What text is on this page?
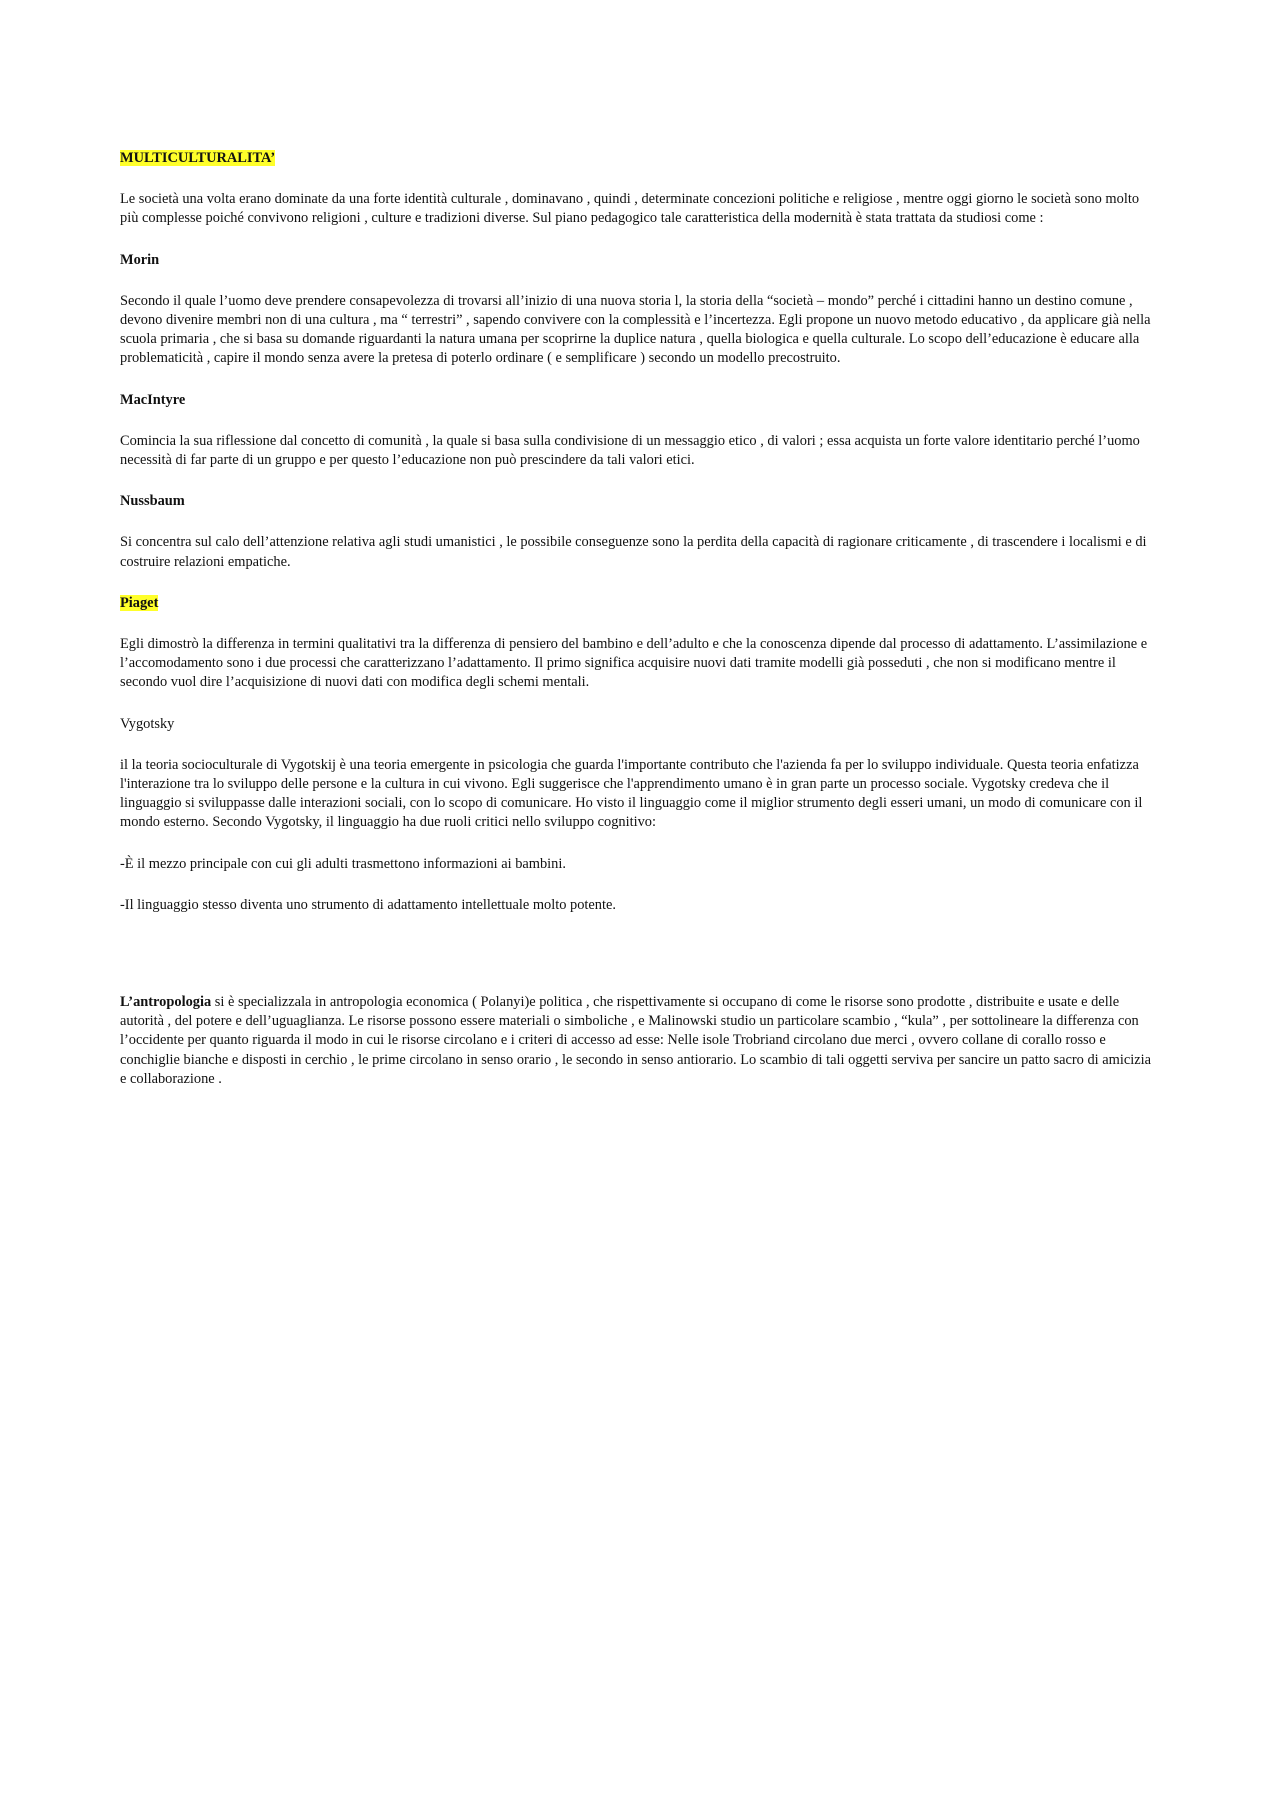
MULTICULTURALITA’

Le società una volta erano dominate da una forte identità culturale , dominavano , quindi , determinate concezioni politiche e religiose , mentre oggi giorno le società sono molto più complesse poiché convivono religioni , culture e tradizioni diverse. Sul piano pedagogico tale caratteristica della modernità è stata trattata da studiosi come :

Morin

Secondo il quale l’uomo deve prendere consapevolezza di trovarsi all’inizio di una nuova storia l, la storia della “società – mondo” perché i cittadini hanno un destino comune , devono divenire membri non di una cultura , ma “ terrestri” , sapendo convivere con la complessità e l’incertezza. Egli propone un nuovo metodo educativo , da applicare già nella scuola primaria , che si basa su domande riguardanti la natura umana per scoprirne la duplice natura , quella biologica e quella culturale. Lo scopo dell’educazione è educare alla problematicità , capire il mondo senza avere la pretesa di poterlo ordinare ( e semplificare ) secondo un modello precostruito.

MacIntyre

Comincia la sua riflessione dal concetto di comunità , la quale si basa sulla condivisione di un messaggio etico , di valori ; essa acquista un forte valore identitario perché l’uomo necessità di far parte di un gruppo e per questo l’educazione non può prescindere da tali valori etici.

Nussbaum

Si concentra sul calo dell’attenzione relativa agli studi umanistici , le possibile conseguenze sono la perdita della capacità di ragionare criticamente , di trascendere i localismi e di costruire relazioni empatiche.

Piaget

Egli dimostrò la differenza in termini qualitativi tra la differenza di pensiero del bambino e dell’adulto e che la conoscenza dipende dal processo di adattamento. L’assimilazione e l’accomodamento sono i due processi che caratterizzano l’adattamento. Il primo significa acquisire nuovi dati tramite modelli già posseduti , che non si modificano mentre il secondo vuol dire l’acquisizione di nuovi dati con modifica degli schemi mentali.

Vygotsky

il la teoria socioculturale di Vygotskij è una teoria emergente in psicologia che guarda l'importante contributo che l'azienda fa per lo sviluppo individuale. Questa teoria enfatizza l'interazione tra lo sviluppo delle persone e la cultura in cui vivono. Egli suggerisce che l'apprendimento umano è in gran parte un processo sociale. Vygotsky credeva che il linguaggio si sviluppasse dalle interazioni sociali, con lo scopo di comunicare. Ho visto il linguaggio come il miglior strumento degli esseri umani, un modo di comunicare con il mondo esterno. Secondo Vygotsky, il linguaggio ha due ruoli critici nello sviluppo cognitivo:

-È il mezzo principale con cui gli adulti trasmettono informazioni ai bambini.

-Il linguaggio stesso diventa uno strumento di adattamento intellettuale molto potente.

L’antropologia si è specializzala in antropologia economica ( Polanyi)e politica , che rispettivamente si occupano di come le risorse sono prodotte , distribuite e usate e delle autorità , del potere e dell’uguaglianza. Le risorse possono essere materiali o simboliche , e Malinowski studio un particolare scambio , “kula” , per sottolineare la differenza con l’occidente per quanto riguarda il modo in cui le risorse circolano e i criteri di accesso ad esse: Nelle isole Trobriand circolano due merci , ovvero collane di corallo rosso e conchiglie bianche e disposti in cerchio , le prime circolano in senso orario , le secondo in senso antiorario. Lo scambio di tali oggetti serviva per sancire un patto sacro di amicizia e collaborazione .
